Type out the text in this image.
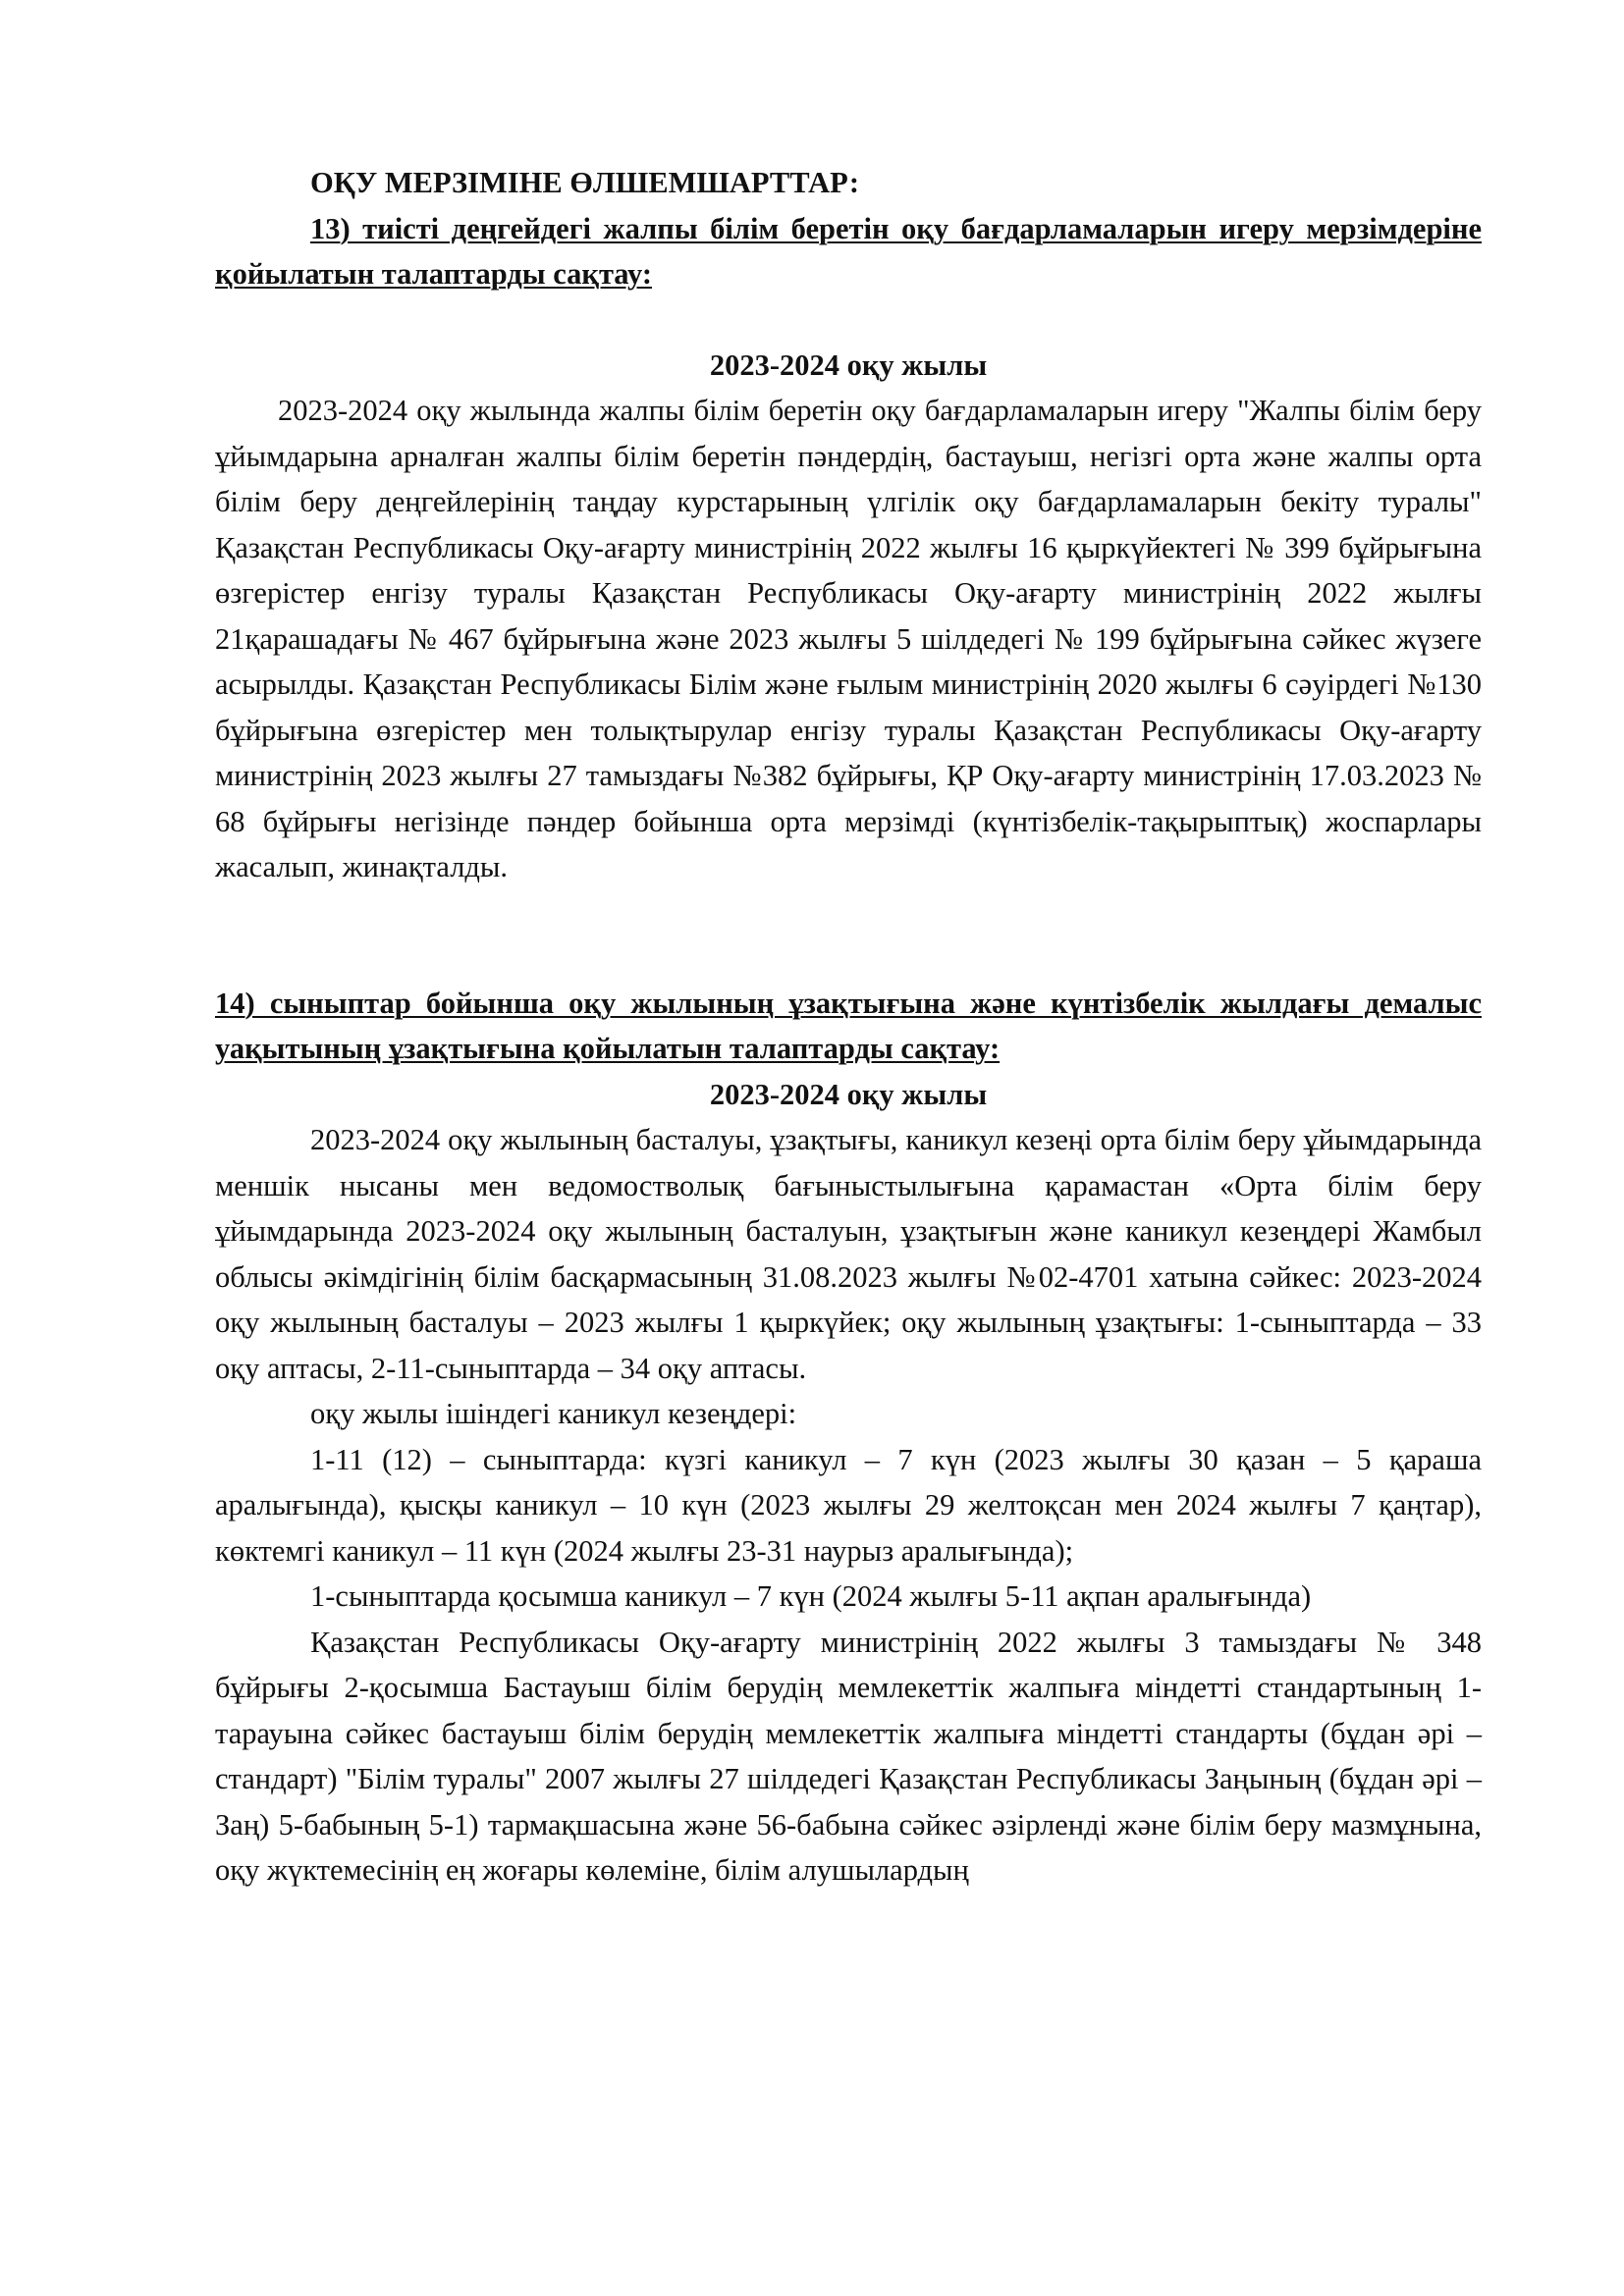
ОҚУ МЕРЗІМІНЕ ӨЛШЕМШАРТТАР:

13) тиісті деңгейдегі жалпы білім беретін оқу бағдарламаларын игеру мерзімдеріне қойылатын талаптарды сақтау:

2023-2024 оқу жылы

2023-2024 оқу жылында жалпы білім беретін оқу бағдарламаларын игеру "Жалпы білім беру ұйымдарына арналған жалпы білім беретін пәндердің, бастауыш, негізгі орта және жалпы орта білім беру деңгейлерінің таңдау курстарының үлгілік оқу бағдарламаларын бекіту туралы" Қазақстан Республикасы Оқу-ағарту министрінің 2022 жылғы 16 қыркүйектегі № 399 бұйрығына өзгерістер енгізу туралы Қазақстан Республикасы Оқу-ағарту министрінің 2022 жылғы 21қарашадағы № 467 бұйрығына және 2023 жылғы 5 шілдедегі № 199 бұйрығына сәйкес жүзеге асырылды. Қазақстан Республикасы Білім және ғылым министрінің 2020 жылғы 6 сәуірдегі №130 бұйрығына өзгерістер мен толықтырулар енгізу туралы Қазақстан Республикасы Оқу-ағарту министрінің 2023 жылғы 27 тамыздағы №382 бұйрығы, ҚР Оқу-ағарту министрінің 17.03.2023 № 68 бұйрығы негізінде пәндер бойынша орта мерзімді (күнтізбелік-тақырыптық) жоспарлары жасалып, жинақталды.

14) сыныптар бойынша оқу жылының ұзақтығына және күнтізбелік жылдағы демалыс уақытының ұзақтығына қойылатын талаптарды сақтау:

2023-2024 оқу жылы

2023-2024 оқу жылының басталуы, ұзақтығы, каникул кезеңі орта білім беру ұйымдарында меншік нысаны мен ведомостволық бағыныстылығына қарамастан «Орта білім беру ұйымдарында 2023-2024 оқу жылының басталуын, ұзақтығын және каникул кезеңдері Жамбыл облысы әкімдігінің білім басқармасының 31.08.2023 жылғы №02-4701 хатына сәйкес: 2023-2024 оқу жылының басталуы – 2023 жылғы 1 қыркүйек; оқу жылының ұзақтығы: 1-сыныптарда – 33 оқу аптасы, 2-11-сыныптарда – 34 оқу аптасы.

оқу жылы ішіндегі каникул кезеңдері:

1-11 (12) – сыныптарда: күзгі каникул – 7 күн (2023 жылғы 30 қазан – 5 қараша аралығында), қысқы каникул – 10 күн (2023 жылғы 29 желтоқсан мен 2024 жылғы 7 қаңтар), көктемгі каникул – 11 күн (2024 жылғы 23-31 наурыз аралығында);

1-сыныптарда қосымша каникул – 7 күн (2024 жылғы 5-11 ақпан аралығында)

Қазақстан Республикасы Оқу-ағарту министрінің 2022 жылғы 3 тамыздағы № 348 бұйрығы 2-қосымша Бастауыш білім берудің мемлекеттік жалпыға міндетті стандартының 1-тарауына сәйкес бастауыш білім берудің мемлекеттік жалпыға міндетті стандарты (бұдан әрі – стандарт) "Білім туралы" 2007 жылғы 27 шілдедегі Қазақстан Республикасы Заңының (бұдан әрі – Заң) 5-бабының 5-1) тармақшасына және 56-бабына сәйкес әзірленді және білім беру мазмұнына, оқу жүктемесінің ең жоғары көлеміне, білім алушылардың
